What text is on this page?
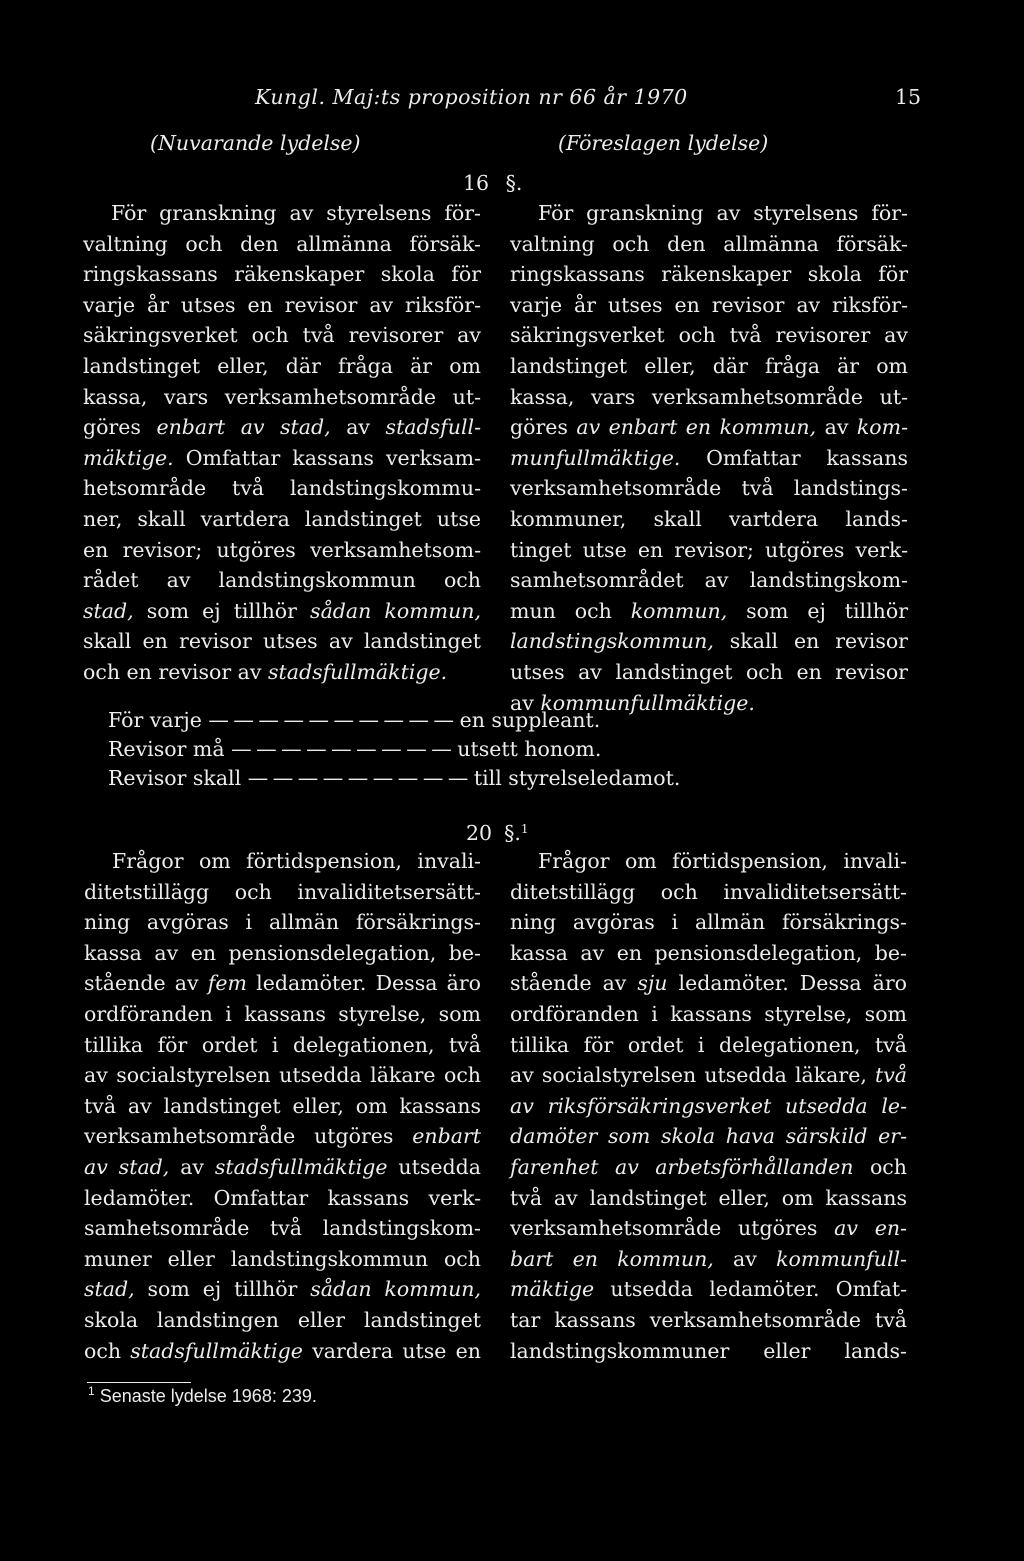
Kungl. Maj:ts proposition nr 66 år 1970	15
(Nuvarande lydelse)	(Föreslagen lydelse)
16 ​ §.
För granskning av styrelsens för-
valtning och den allmänna försäk-
ringskassans räkenskaper skola för
varje år utses en revisor av riksför-
säkringsverket och två revisorer av
landstinget eller, där fråga är om
kassa, vars verksamhetsområde ut-
göres enbart av stad, av stadsfull-
mäktige. Omfattar kassans verksam-
hetsområde två landstingskommu-
ner, skall vartdera landstinget utse
en revisor; utgöres verksamhetsom-
rådet av landstingskommun och
stad, som ej tillhör sådan kommun,
skall en revisor utses av landstinget
och en revisor av stadsfullmäktige.
För granskning av styrelsens för-
valtning och den allmänna försäk-
ringskassans räkenskaper skola för
varje år utses en revisor av riksför-
säkringsverket och två revisorer av
landstinget eller, där fråga är om
kassa, vars verksamhetsområde ut-
göres av enbart en kommun, av kom-
munfullmäktige. Omfattar kassans
verksamhetsområde två landstings-
kommuner, skall vartdera lands-
tinget utse en revisor; utgöres verk-
samhetsområdet av landstingskom-
mun och kommun, som ej tillhör
landstingskommun, skall en revisor
utses av landstinget och en revisor
av kommunfullmäktige.
För varje — — — — — — — — — — en suppleant.
Revisor må — — — — — — — — — utsett honom.
Revisor skall — — — — — — — — — till styrelseledamot.
20 §.$^1$
Frågor om förtidspension, invali-
ditetstillägg och invaliditetsersätt-
ning avgöras i allmän försäkrings-
kassa av en pensionsdelegation, be-
stående av fem ledamöter. Dessa äro
ordföranden i kassans styrelse, som
tillika för ordet i delegationen, två
av socialstyrelsen utsedda läkare och
två av landstinget eller, om kassans
verksamhetsområde utgöres enbart
av stad, av stadsfullmäktige utsedda
ledamöter. Omfattar kassans verk-
samhetsområde två landstingskom-
muner eller landstingskommun och
stad, som ej tillhör sådan kommun,
skola landstingen eller landstinget
och stadsfullmäktige vardera utse en
Frågor om förtidspension, invali-
ditetstillägg och invaliditetsersätt-
ning avgöras i allmän försäkrings-
kassa av en pensionsdelegation, be-
stående av sju ledamöter. Dessa äro
ordföranden i kassans styrelse, som
tillika för ordet i delegationen, två
av socialstyrelsen utsedda läkare, två
av riksförsäkringsverket utsedda le-
damöter som skola hava särskild er-
farenhet av arbetsförhållanden och
två av landstinget eller, om kassans
verksamhetsområde utgöres av en-
bart en kommun, av kommunfull-
mäktige utsedda ledamöter. Omfat-
tar kassans verksamhetsområde två
landstingskommuner eller lands-
$^1$ Senaste lydelse 1968: 239.
